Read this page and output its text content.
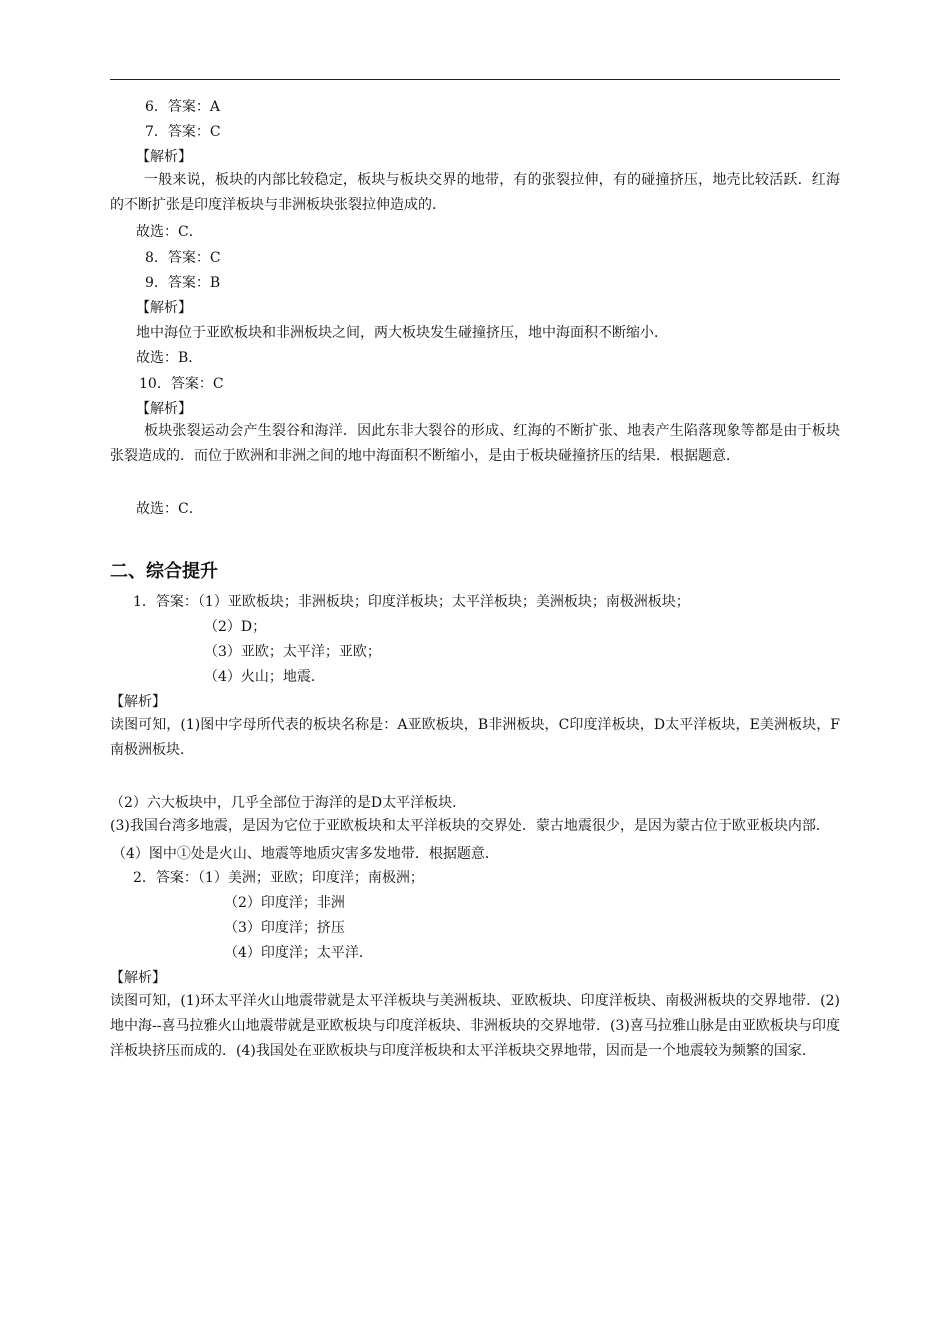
6．答案：A
7．答案：C
【解析】
一般来说，板块的内部比较稳定，板块与板块交界的地带，有的张裂拉伸，有的碰撞挤压，地壳比较活跃．红海的不断扩张是印度洋板块与非洲板块张裂拉伸造成的．
故选：C．
8．答案：C
9．答案：B
【解析】
地中海位于亚欧板块和非洲板块之间，两大板块发生碰撞挤压，地中海面积不断缩小．
故选：B．
10．答案：C
【解析】
板块张裂运动会产生裂谷和海洋．因此东非大裂谷的形成、红海的不断扩张、地表产生陷落现象等都是由于板块张裂造成的．而位于欧洲和非洲之间的地中海面积不断缩小，是由于板块碰撞挤压的结果．根据题意．
故选：C．
二、综合提升
1．答案：（1）亚欧板块；非洲板块；印度洋板块；太平洋板块；美洲板块；南极洲板块；
（2）D；
（3）亚欧；太平洋；亚欧；
（4）火山；地震．
【解析】
读图可知，(1)图中字母所代表的板块名称是：A亚欧板块，B非洲板块，C印度洋板块，D太平洋板块，E美洲板块，F南极洲板块．
（2）六大板块中，几乎全部位于海洋的是D太平洋板块．
(3)我国台湾多地震，是因为它位于亚欧板块和太平洋板块的交界处．蒙古地震很少，是因为蒙古位于欧亚板块内部．
（4）图中①处是火山、地震等地质灾害多发地带．根据题意．
2．答案：（1）美洲；亚欧；印度洋；南极洲；
（2）印度洋；非洲
（3）印度洋；挤压
（4）印度洋；太平洋．
【解析】
读图可知，(1)环太平洋火山地震带就是太平洋板块与美洲板块、亚欧板块、印度洋板块、南极洲板块的交界地带．(2)地中海--喜马拉雅火山地震带就是亚欧板块与印度洋板块、非洲板块的交界地带．(3)喜马拉雅山脉是由亚欧板块与印度洋板块挤压而成的．(4)我国处在亚欧板块与印度洋板块和太平洋板块交界地带，因而是一个地震较为频繁的国家．
